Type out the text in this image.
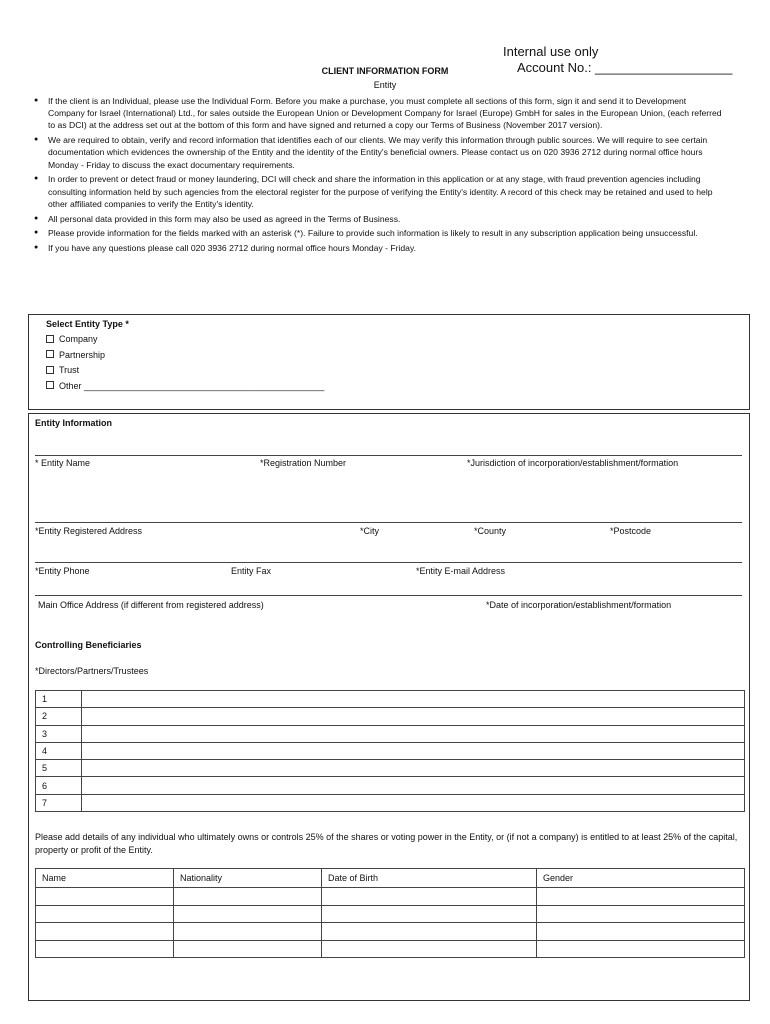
Internal use only
Account No.: ___________________
CLIENT INFORMATION FORM
Entity
● If the client is an Individual, please use the Individual Form. Before you make a purchase, you must complete all sections of this form, sign it and send it to Development Company for Israel (International) Ltd., for sales outside the European Union or Development Company for Israel (Europe) GmbH for sales in the European Union, (each referred to as DCI) at the address set out at the bottom of this form and have signed and returned a copy our Terms of Business (November 2017 version).
● We are required to obtain, verify and record information that identifies each of our clients. We may verify this information through public sources. We will require to see certain documentation which evidences the ownership of the Entity and the identity of the Entity's beneficial owners. Please contact us on 020 3936 2712 during normal office hours Monday - Friday to discuss the exact documentary requirements.
● In order to prevent or detect fraud or money laundering, DCI will check and share the information in this application or at any stage, with fraud prevention agencies including consulting information held by such agencies from the electoral register for the purpose of verifying the Entity's identity. A record of this check may be retained and used to help other affiliated companies to verify the Entity's identity.
● All personal data provided in this form may also be used as agreed in the Terms of Business.
● Please provide information for the fields marked with an asterisk (*). Failure to provide such information is likely to result in any subscription application being unsuccessful.
● If you have any questions please call 020 3936 2712 during normal office hours Monday - Friday.
Select Entity Type *
Company
Partnership
Trust
Other ________________________________________________
Entity Information
* Entity Name	*Registration Number	*Jurisdiction of incorporation/establishment/formation
*Entity Registered Address	*City	*County	*Postcode
*Entity Phone	Entity Fax	*Entity E-mail Address
Main Office Address (if different from registered address)	*Date of incorporation/establishment/formation
Controlling Beneficiaries
*Directors/Partners/Trustees
1	
2	
3	
4	
5	
6	
7	
Please add details of any individual who ultimately owns or controls 25% of the shares or voting power in the Entity, or (if not a company) is entitled to at least 25% of the capital, property or profit of the Entity.
Name	Nationality	Date of Birth	Gender
